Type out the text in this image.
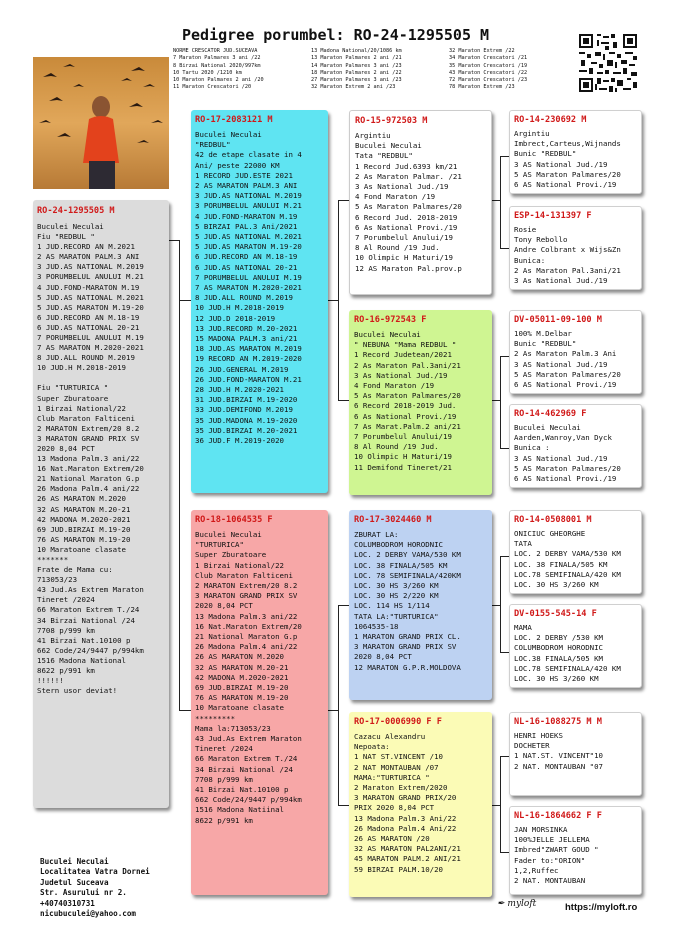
Pedigree porumbel: RO-24-1295505 M
NORME CRESCATOR JUD.SUCEAVA
7 Maraton Palmares 3 ani /22
8 Birzai National 2020/997km
10 Tartu 2020 /1210 km
10 Maraton Palmares 2 ani /20
11 Maraton Crescatori /20
13 Madona National/20/1086 km
13 Maraton Palmares 2 ani /21
14 Maraton Palmares 3 ani /23
18 Maraton Palmares 2 ani /22
27 Maraton Palmares 3 ani /23
32 Maraton Extrem 2 ani /23
32 Maraton Extrem /22
34 Maraton Crescatori /21
35 Maraton Crescatori /19
43 Maraton Crescatori /22
72 Maraton Crescatori /23
78 Maraton Extrem /23
RO-24-1295505 M
Buculei Neculai
Fiu "REDBUL "
1 JUD.RECORD AN M.2021
2 AS MARATON PALM.3 ANI
3 JUD.AS NATIONAL M.2019
3 PORUMBELUL ANULUI M.21
4 JUD.FOND-MARATON M.19
5 JUD.AS NATIONAL M.2021
5 JUD.AS MARATON M.19-20
6 JUD.RECORD AN M.18-19
6 JUD.AS NATIONAL 20-21
7 PORUMBELUL ANULUI M.19
7 AS MARATON M.2020-2021
8 JUD.ALL ROUND M.2019
10 JUD.H M.2018-2019
Fiu "TURTURICA "
Super Zburatoare
1 Birzai National/22
Club Maraton Falticeni
2 MARATON Extrem/20 8.2
3 MARATON GRAND PRIX SV
2020 8,04 PCT
13 Madona Palm.3 ani/22
16 Nat.Maraton Extrem/20
21 National Maraton G.p
26 Madona Palm.4 ani/22
26 AS MARATON M.2020
32 AS MARATON M.20-21
42 MADONA M.2020-2021
69 JUD.BIRZAI M.19-20
76 AS MARATON M.19-20
10 Maratoane clasate
*******
Frate de Mama cu:
713053/23
43 Jud.As Extrem Maraton
Tineret /2024
66 Maraton Extrem T./24
34 Birzai National /24
7708 p/999 km
41 Birzai Nat.10100 p
662 Code/24/9447 p/994km
1516 Madona National
8622 p/991 km
!!!!!!
Stern usor deviat!
RO-17-2083121 M
Buculei Neculai
"REDBUL"
42 de etape clasate in 4
Ani/ peste 22000 KM
1 RECORD JUD.ESTE 2021
2 AS MARATON PALM.3 ANI
3 JUD.AS NATIONAL M.2019
3 PORUMBELUL ANULUI M.21
4 JUD.FOND-MARATON M.19
5 BIRZAI PAL.3 Ani/2021
5 JUD.AS NATIONAL M.2021
5 JUD.AS MARATON M.19-20
6 JUD.RECORD AN M.18-19
6 JUD.AS NATIONAL 20-21
7 PORUMBELUL ANULUI M.19
7 AS MARATON M.2020-2021
8 JUD.ALL ROUND M.2019
10 JUD.H M.2018-2019
12 JUD.D 2018-2019
13 JUD.RECORD M.20-2021
15 MADONA PALM.3 ani/21
18 JUD.AS MARATON M.2019
19 RECORD AN M.2019-2020
26 JUD.GENERAL M.2019
26 JUD.FOND-MARATON M.21
28 JUD.H M.2020-2021
31 JUD.BIRZAI M.19-2020
33 JUD.DEMIFOND M.2019
35 JUD.MADONA M.19-2020
35 JUD.BIRZAI M.20-2021
36 JUD.F M.2019-2020
RO-18-1064535 F
Buculei Neculai
"TURTURICA"
Super Zburatoare
1 Birzai National/22
Club Maraton Falticeni
2 MARATON Extrem/20 8.2
3 MARATON GRAND PRIX SV
2020 8,04 PCT
13 Madona Palm.3 ani/22
16 Nat.Maraton Extrem/20
21 National Maraton G.p
26 Madona Palm.4 ani/22
26 AS MARATON M.2020
32 AS MARATON M.20-21
42 MADONA M.2020-2021
69 JUD.BIRZAI M.19-20
76 AS MARATON M.19-20
10 Maratoane clasate
*********
Mama la:713053/23
43 Jud.As Extrem Maraton
Tineret /2024
66 Maraton Extrem T./24
34 Birzai National /24
7708 p/999 km
41 Birzai Nat.10100 p
662 Code/24/9447 p/994km
1516 Madona Natiinal
8622 p/991 km
RO-15-972503 M
Argintiu
Buculei Neculai
Tata "REDBUL"
1 Record Jud.6393 km/21
2 As Maraton Palmar. /21
3 As National Jud./19
4 Fond Maraton /19
5 As Maraton Palmares/20
6 Record Jud. 2018-2019
6 As National Provi./19
7 Porumbelul Anului/19
8 Al Round /19 Jud.
10 Olimpic H Maturi/19
12 AS Maraton Pal.prov.p
RO-16-972543 F
Buculei Neculai
" NEBUNA "Mama REDBUL "
1 Record Judetean/2021
2 As Maraton Pal.3ani/21
3 As National Jud./19
4 Fond Maraton /19
5 As Maraton Palmares/20
6 Record 2018-2019 Jud.
6 As National Provi./19
7 As Marat.Palm.2 ani/21
7 Porumbelul Anului/19
8 Al Round /19 Jud.
10 Olimpic H Maturi/19
11 Demifond Tineret/21
RO-17-3024460 M
ZBURAT LA:
COLUMBODROM HORODNIC
LOC. 2 DERBY VAMA/530 KM
LOC. 38 FINALA/505 KM
LOC. 78 SEMIFINALA/420KM
LOC. 30 HS 3/260 KM
LOC. 30 HS 2/220 KM
LOC. 114 HS 1/114
TATA LA:"TURTURICA"
1064535-18
1 MARATON GRAND PRIX CL.
3 MARATON GRAND PRIX SV
2020 8,04 PCT
12 MARATON G.P.R.MOLDOVA
RO-17-0006990 F F
Cazacu Alexandru
Nepoata:
1 NAT ST.VINCENT /10
2 NAT MONTAUBAN /07
MAMA:"TURTURICA "
2 Maraton Extrem/2020
3 MARATON GRAND PRIX/20
PRIX 2020 8,04 PCT
13 Madona Palm.3 Ani/22
26 Madona Palm.4 Ani/22
26 AS MARATON /20
32 AS MARATON PAL2ANI/21
45 MARATON PALM.2 ANI/21
59 BIRZAI PALM.10/20
RO-14-230692 M
Argintiu
Imbrect,Carteus,Wijnands
Bunic "REDBUL"
3 AS National Jud./19
5 AS Maraton Palmares/20
6 AS National Provi./19
ESP-14-131397 F
Rosie
Tony Rebollo
Andre Colbrant x Wijs&Zn
Bunica:
2 As Maraton Pal.3ani/21
3 As National Jud./19
DV-05011-09-100 M
100% M.Delbar
Bunic "REDBUL"
2 As Maraton Palm.3 Ani
3 AS National Jud./19
5 AS Maraton Palmares/20
6 AS National Provi./19
RO-14-462969 F
Buculei Neculai
Aarden,Wanroy,Van Dyck
Bunica :
3 AS National Jud./19
5 AS Maraton Palmares/20
6 AS National Provi./19
RO-14-0508001 M
ONICIUC GHEORGHE
TATA
LOC. 2 DERBY VAMA/530 KM
LOC. 38 FINALA/505 KM
LOC.78 SEMIFINALA/420 KM
LOC. 30 HS 3/260 KM
DV-0155-545-14 F
MAMA
LOC. 2 DERBY /530 KM
COLUMBODROM HORODNIC
LOC.38 FINALA/505 KM
LOC.78 SEMIFINALA/420 KM
LOC. 30 HS 3/260 KM
NL-16-1088275 M M
HENRI HOEKS
DOCHETER
1 NAT.ST. VINCENT"10
2 NAT. MONTAUBAN "07
NL-16-1864662 F F
JAN MORSINKA
100%JELLE JELLEMA
Imbred"ZWART GOUD "
Fader to:"ORION"
1,2,Ruffec
2 NAT. MONTAUBAN
Buculei Neculai
Localitatea Vatra Dornei
Judetul Suceava
Str. Asurului nr 2.
+40740310731
nicubuculei@yahoo.com
✒ myloft	https://myloft.ro
